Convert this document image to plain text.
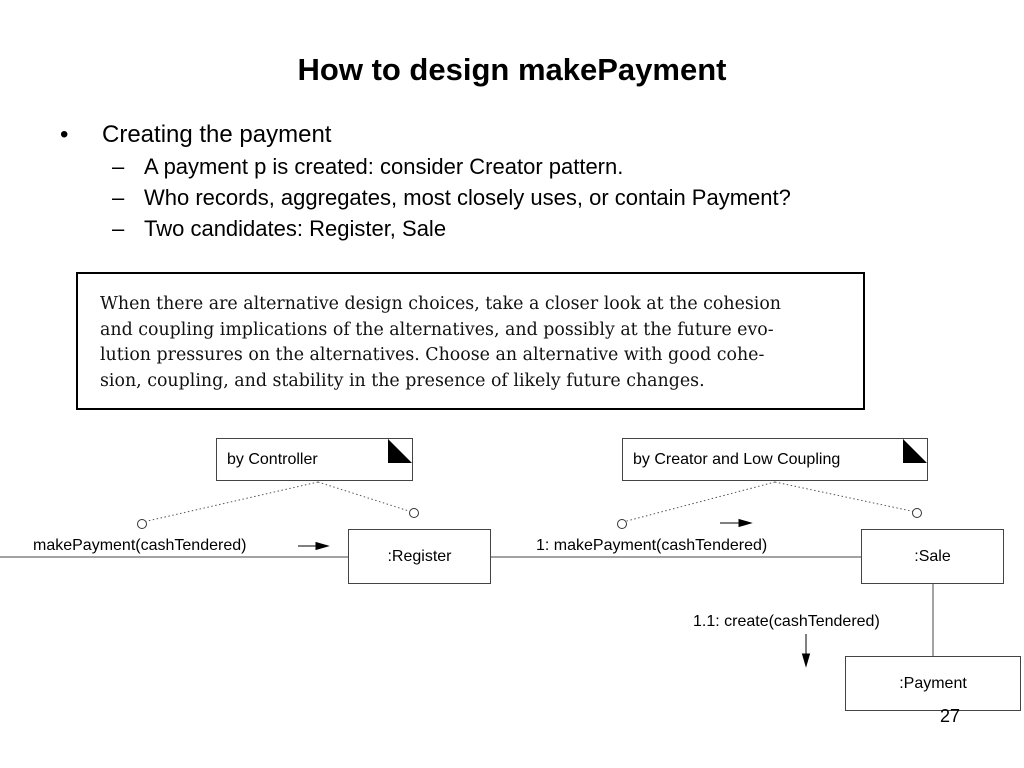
How to design makePayment
• Creating the payment
– A payment p is created: consider Creator pattern.
– Who records, aggregates, most closely uses, or contain Payment?
– Two candidates: Register, Sale
When there are alternative design choices, take a closer look at the cohesion
and coupling implications of the alternatives, and possibly at the future evo-
lution pressures on the alternatives. Choose an alternative with good cohe-
sion, coupling, and stability in the presence of likely future changes.
by Controller	by Creator and Low Coupling
:Register	:Sale
:Payment
makePayment(cashTendered)	1: makePayment(cashTendered)
1.1: create(cashTendered)
27
